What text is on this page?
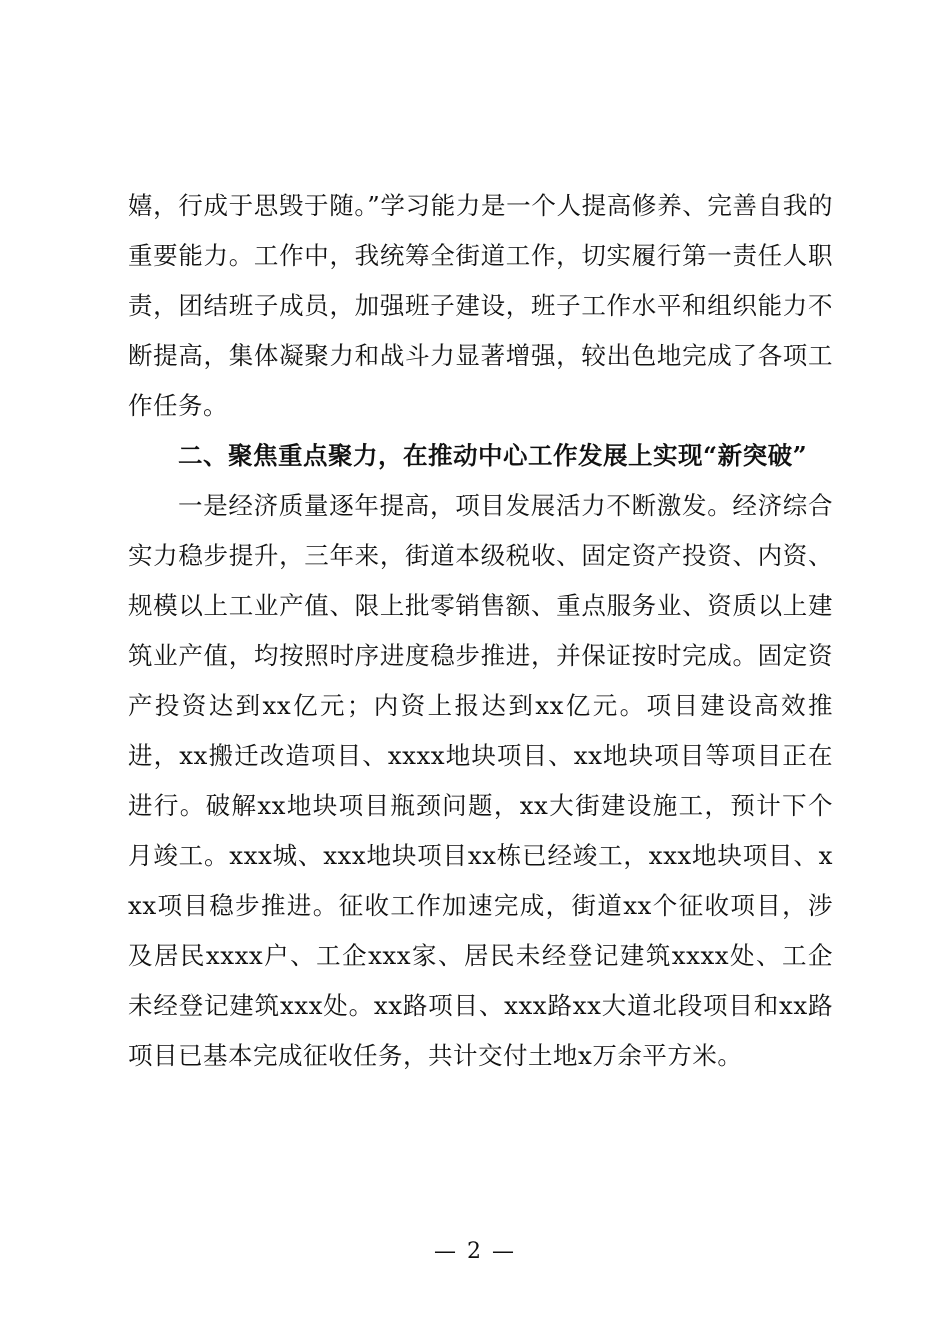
嬉，行成于思毁于随。”学习能力是一个人提高修养、完善自我的重要能力。工作中，我统筹全街道工作，切实履行第一责任人职责，团结班子成员，加强班子建设，班子工作水平和组织能力不断提高，集体凝聚力和战斗力显著增强，较出色地完成了各项工作任务。

二、聚焦重点聚力，在推动中心工作发展上实现“新突破”

一是经济质量逐年提高，项目发展活力不断激发。经济综合实力稳步提升，三年来，街道本级税收、固定资产投资、内资、规模以上工业产值、限上批零销售额、重点服务业、资质以上建筑业产值，均按照时序进度稳步推进，并保证按时完成。固定资产投资达到xx亿元；内资上报达到xx亿元。项目建设高效推进，xx搬迁改造项目、xxxx地块项目、xx地块项目等项目正在进行。破解xx地块项目瓶颈问题，xx大街建设施工，预计下个月竣工。xxx城、xxx地块项目xx栋已经竣工，xxx地块项目、xxx项目稳步推进。征收工作加速完成，街道xx个征收项目，涉及居民xxxx户、工企xxx家、居民未经登记建筑xxxx处、工企未经登记建筑xxx处。xx路项目、xxx路xx大道北段项目和xx路项目已基本完成征收任务，共计交付土地x万余平方米。

— 2 —
